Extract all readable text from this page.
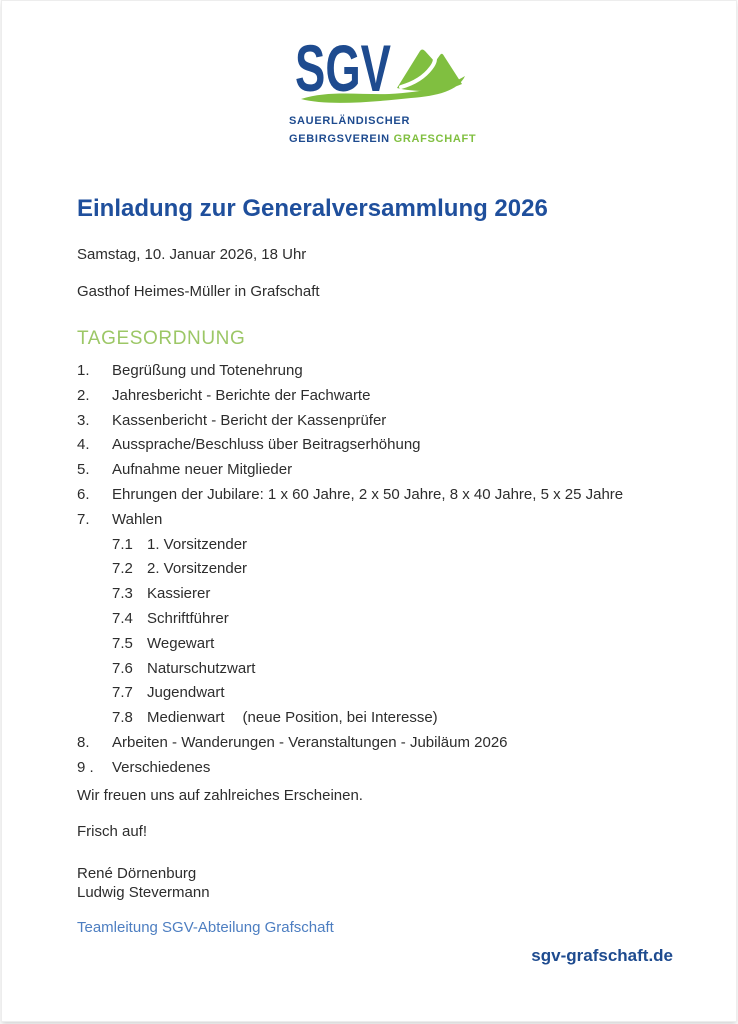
SGV
SAUERLÄNDISCHER
GEBIRGSVEREIN GRAFSCHAFT
Einladung zur Generalversammlung 2026
Samstag, 10. Januar 2026, 18 Uhr
Gasthof Heimes-Müller in Grafschaft
TAGESORDNUNG
1.	Begrüßung und Totenehrung
2.	Jahresbericht - Berichte der Fachwarte
3.	Kassenbericht - Bericht der Kassenprüfer
4.	Aussprache/Beschluss über Beitragserhöhung
5.	Aufnahme neuer Mitglieder
6.	Ehrungen der Jubilare: 1 x 60 Jahre, 2 x 50 Jahre, 8 x 40 Jahre, 5 x 25 Jahre
7.	Wahlen
7.1 1. Vorsitzender
7.2 2. Vorsitzender
7.3 Kassierer
7.4 Schriftführer
7.5 Wegewart
7.6 Naturschutzwart
7.7 Jugendwart
7.8 Medienwart (neue Position, bei Interesse)
8.	Arbeiten - Wanderungen - Veranstaltungen - Jubiläum 2026
9 .	Verschiedenes
Wir freuen uns auf zahlreiches Erscheinen.
Frisch auf!
René Dörnenburg
Ludwig Stevermann
Teamleitung SGV-Abteilung Grafschaft
sgv-grafschaft.de
